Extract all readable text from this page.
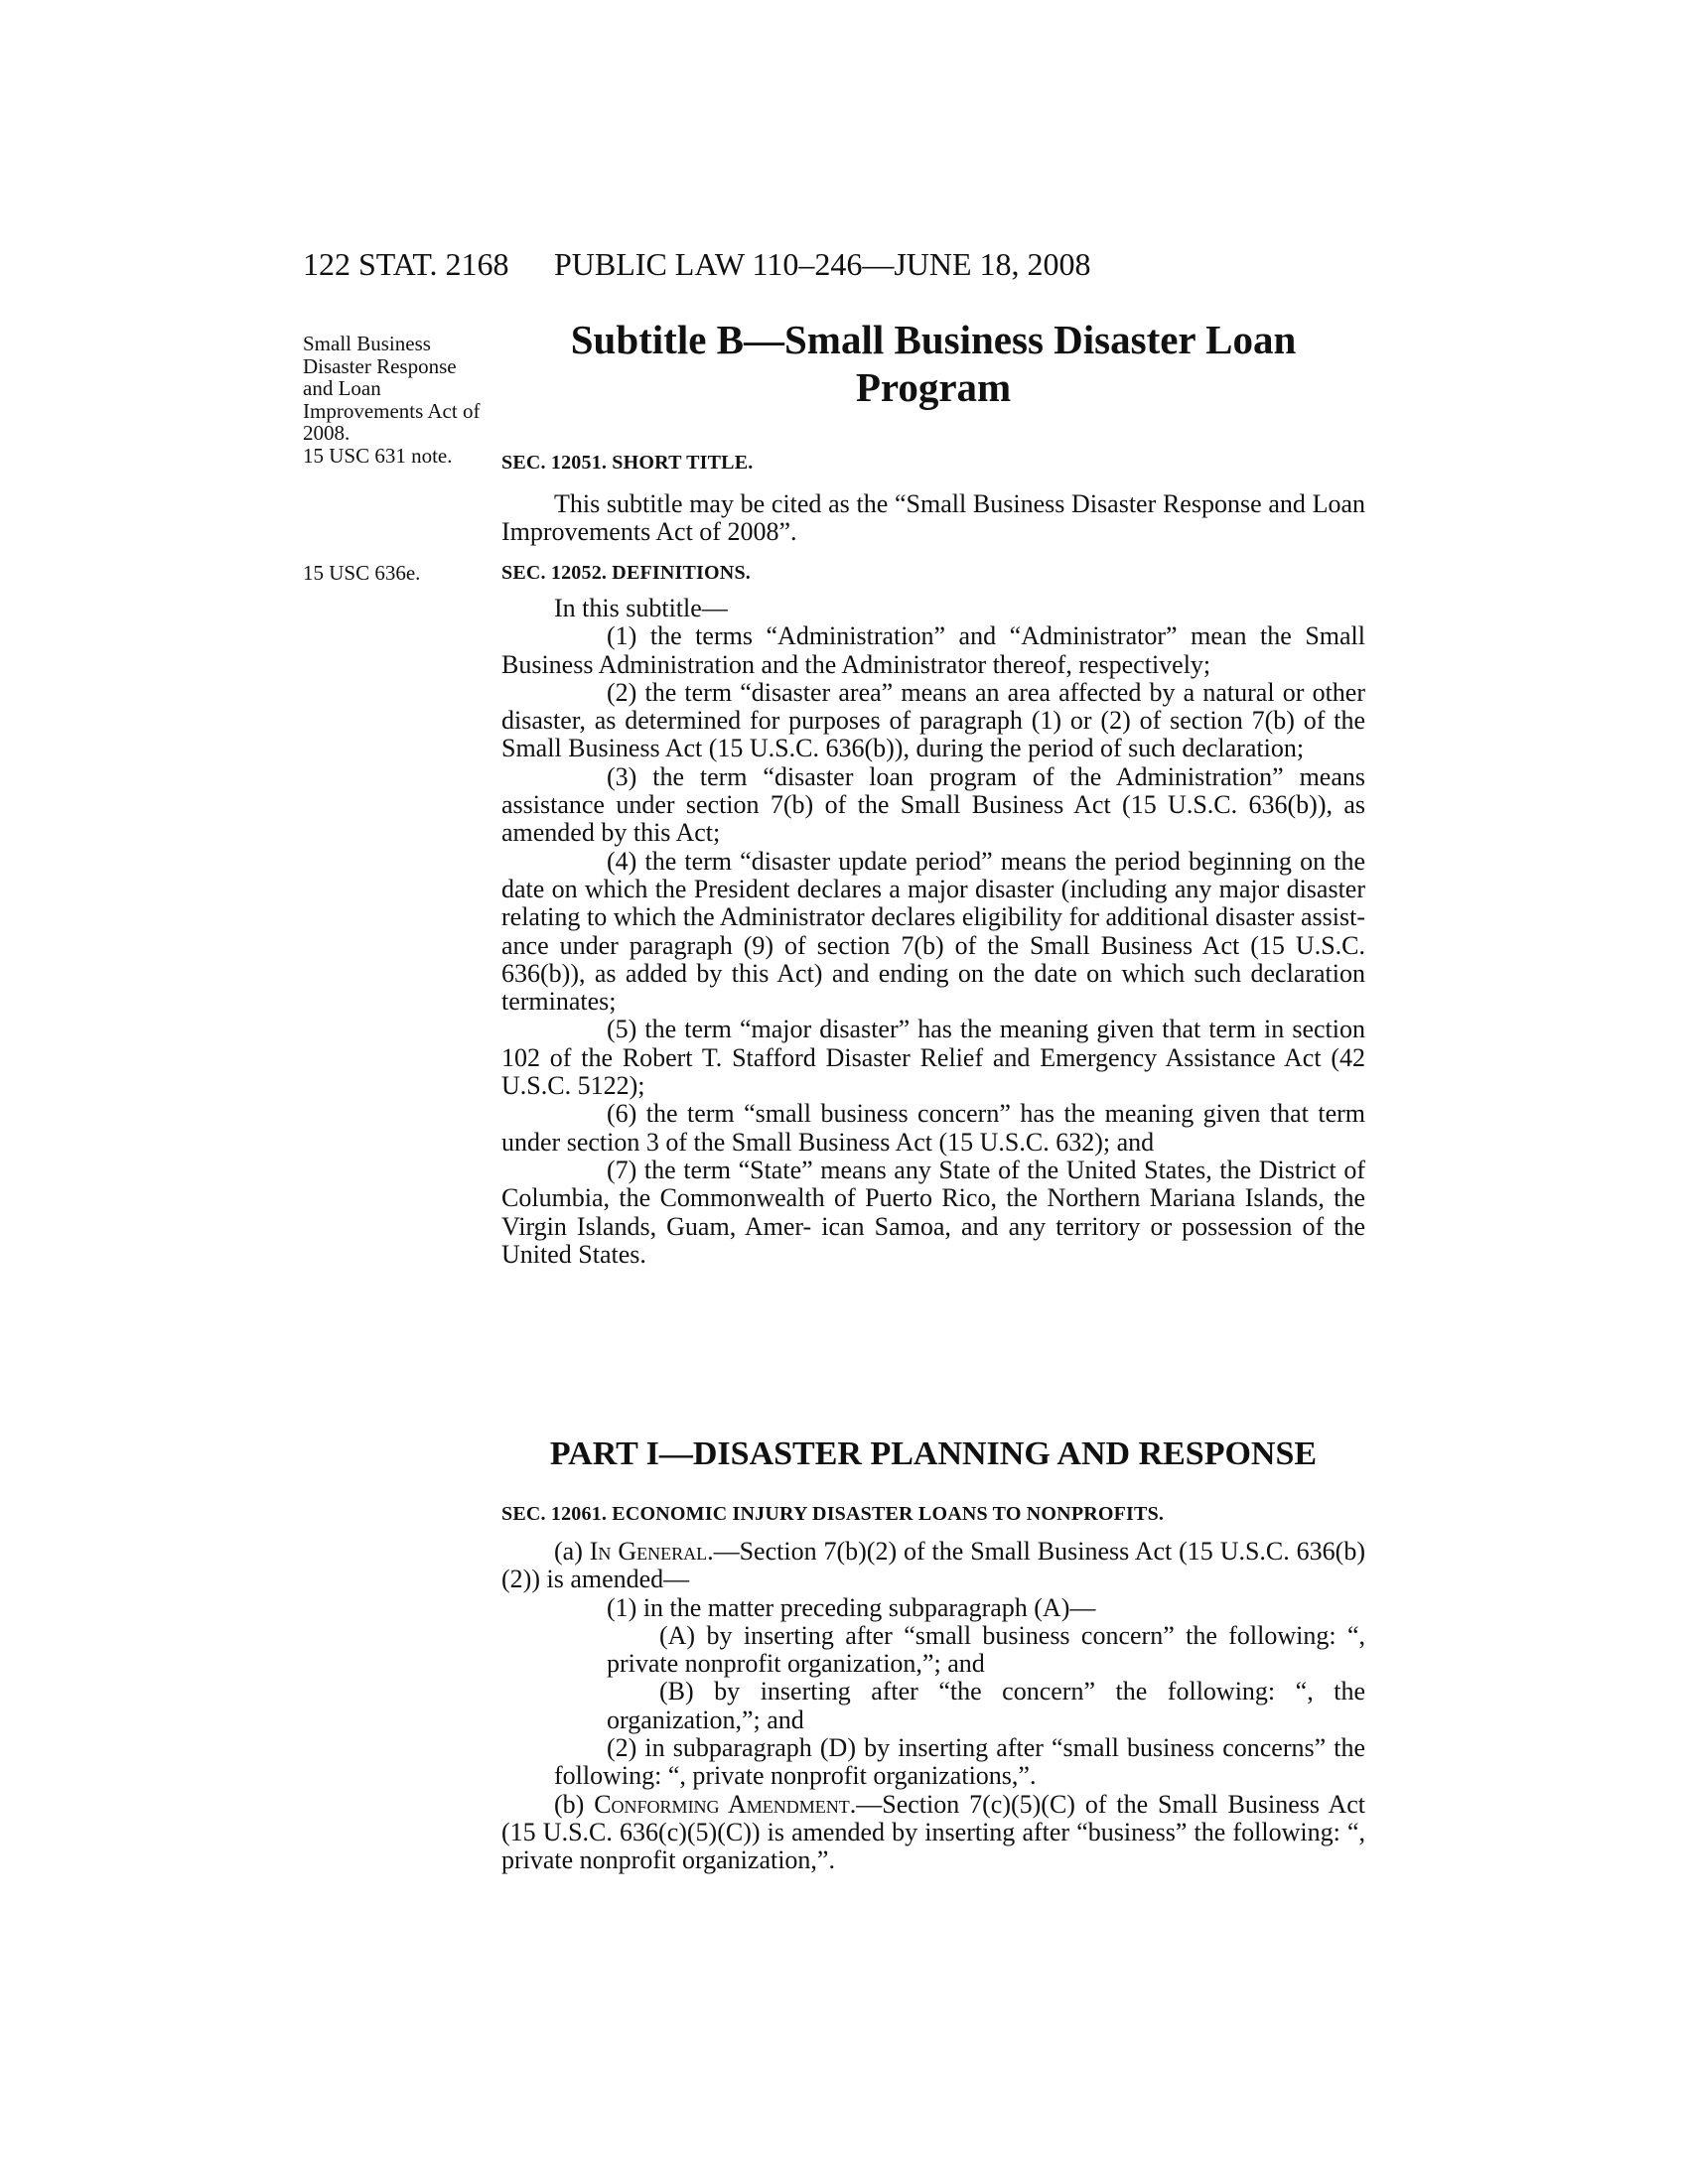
122 STAT. 2168 PUBLIC LAW 110–246—JUNE 18, 2008
Small Business Disaster Response and Loan Improvements Act of 2008.
15 USC 631 note.
15 USC 636e.
Subtitle B—Small Business Disaster Loan
Program
SEC. 12051. SHORT TITLE.

This subtitle may be cited as the “Small Business Disaster Response and Loan Improvements Act of 2008”.

SEC. 12052. DEFINITIONS.

In this subtitle—

(1) the terms “Administration” and “Administrator” mean the Small Business Administration and the Administrator thereof, respectively;

(2) the term “disaster area” means an area affected by a natural or other disaster, as determined for purposes of paragraph (1) or (2) of section 7(b) of the Small Business Act (15 U.S.C. 636(b)), during the period of such declaration;

(3) the term “disaster loan program of the Administration” means assistance under section 7(b) of the Small Business Act (15 U.S.C. 636(b)), as amended by this Act;

(4) the term “disaster update period” means the period beginning on the date on which the President declares a major disaster (including any major disaster relating to which the Administrator declares eligibility for additional disaster assist- ance under paragraph (9) of section 7(b) of the Small Business Act (15 U.S.C. 636(b)), as added by this Act) and ending on the date on which such declaration terminates;

(5) the term “major disaster” has the meaning given that term in section 102 of the Robert T. Stafford Disaster Relief and Emergency Assistance Act (42 U.S.C. 5122);

(6) the term “small business concern” has the meaning given that term under section 3 of the Small Business Act (15 U.S.C. 632); and

(7) the term “State” means any State of the United States, the District of Columbia, the Commonwealth of Puerto Rico, the Northern Mariana Islands, the Virgin Islands, Guam, Amer- ican Samoa, and any territory or possession of the United States.

PART I—DISASTER PLANNING AND RESPONSE
SEC. 12061. ECONOMIC INJURY DISASTER LOANS TO NONPROFITS.

(a) In General.—Section 7(b)(2) of the Small Business Act (15 U.S.C. 636(b)(2)) is amended—

(1) in the matter preceding subparagraph (A)—

(A) by inserting after “small business concern” the following: “, private nonprofit organization,”; and

(B) by inserting after “the concern” the following: “, the organization,”; and

(2) in subparagraph (D) by inserting after “small business concerns” the following: “, private nonprofit organizations,”.

(b) Conforming Amendment.—Section 7(c)(5)(C) of the Small Business Act (15 U.S.C. 636(c)(5)(C)) is amended by inserting after “business” the following: “, private nonprofit organization,”.
